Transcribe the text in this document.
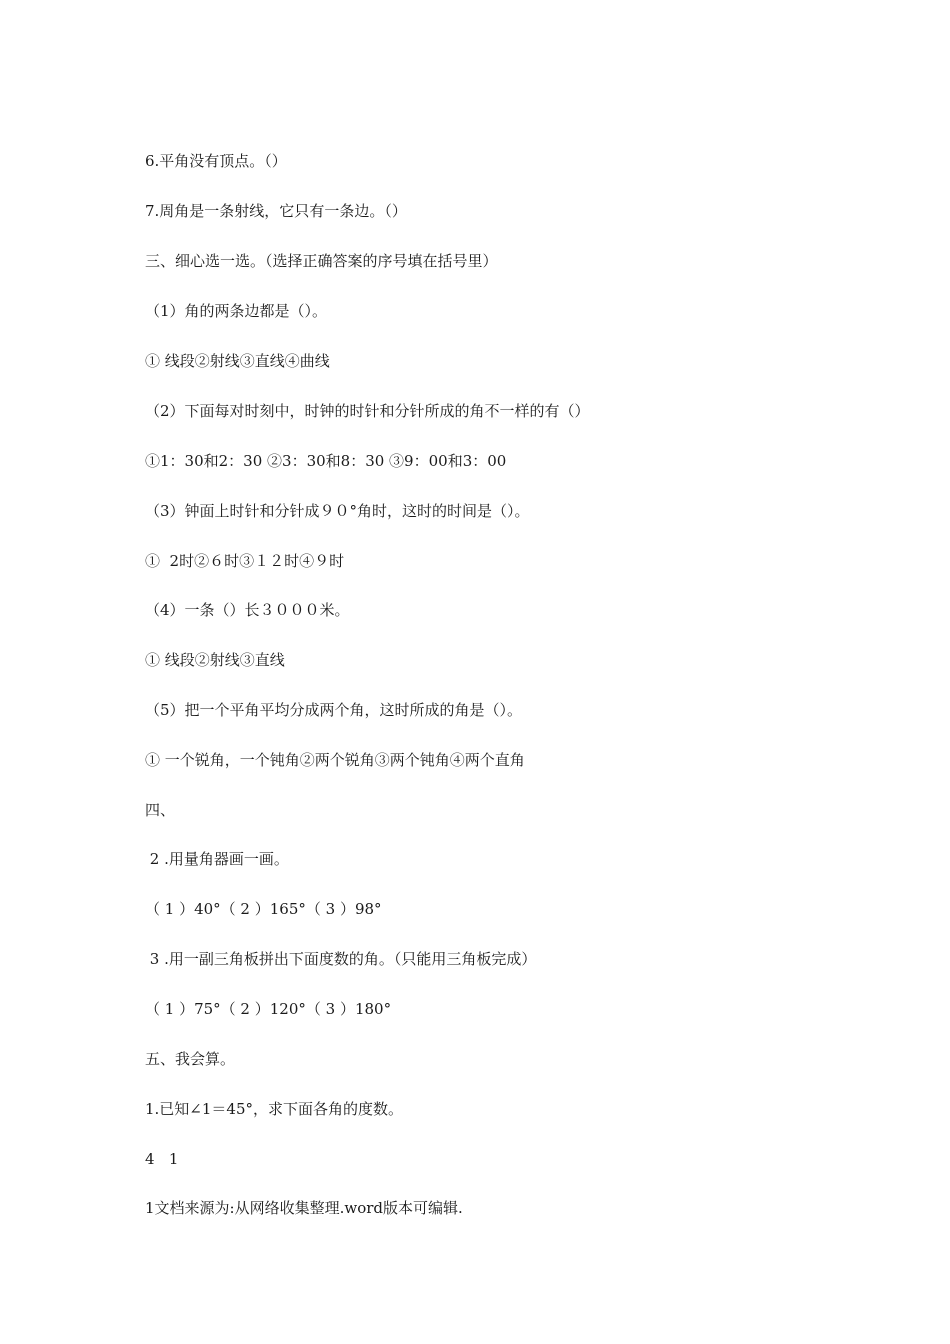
6.平角没有顶点。（）
7.周角是一条射线，它只有一条边。（）
三、细心选一选。（选择正确答案的序号填在括号里）
（1）角的两条边都是（）。
① 线段②射线③直线④曲线
（2）下面每对时刻中，时钟的时针和分针所成的角不一样的有（）
①1：30和2：30 ②3：30和8：30 ③9：00和3：00
（3）钟面上时针和分针成９０°角时，这时的时间是（）。
①  2时②６时③１２时④９时
（4）一条（）长３０００米。
① 线段②射线③直线
（5）把一个平角平均分成两个角，这时所成的角是（）。
① 一个锐角，一个钝角②两个锐角③两个钝角④两个直角
四、
2 .用量角器画一画。
（ 1 ）40°（ 2 ）165°（ 3 ）98°
3 .用一副三角板拼出下面度数的角。（只能用三角板完成）
（ 1 ）75°（ 2 ）120°（ 3 ）180°
五、我会算。
1.已知∠1＝45°，求下面各角的度数。
4   1
1文档来源为:从网络收集整理.word版本可编辑.
